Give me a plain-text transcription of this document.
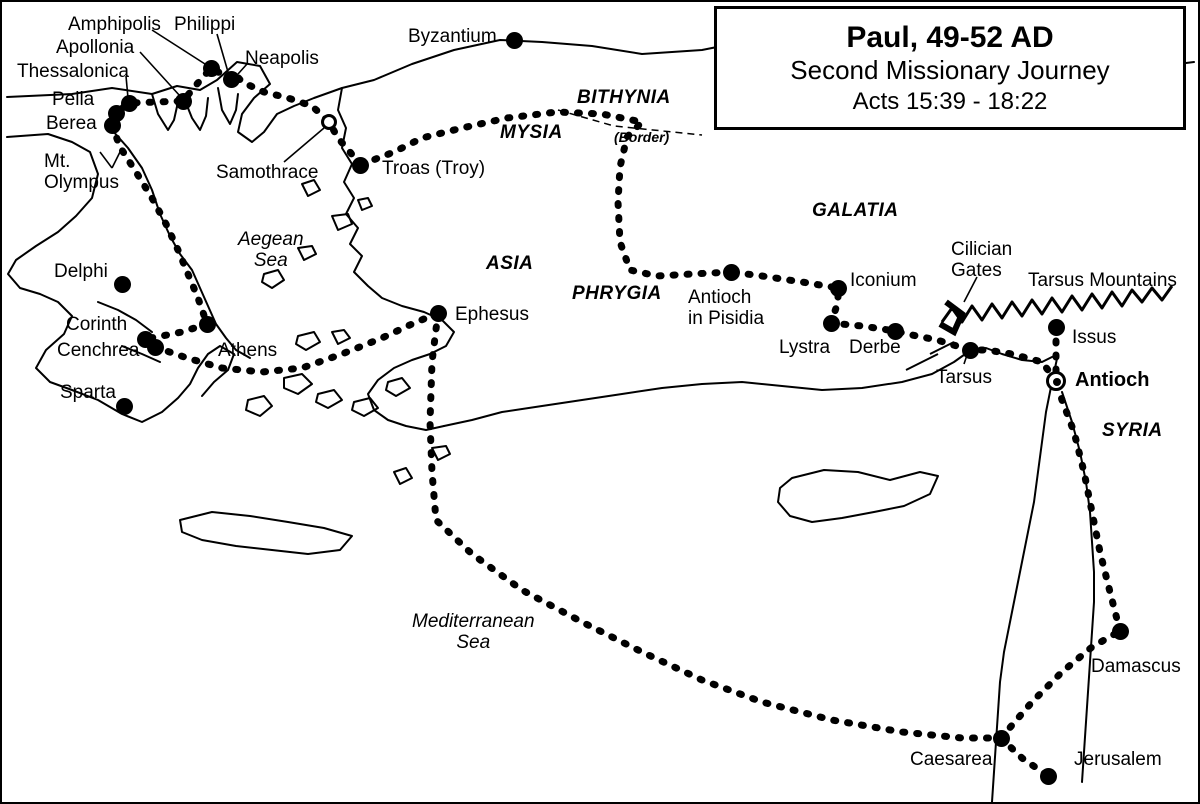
Byzantium
Amphipolis
Apollonia
Philippi
Neapolis
Thessalonica
Pella
Berea
Mt.
Olympus	Samothrace	Troas (Troy)
Delphi
Corinth
Cenchrea	Athens
Sparta
Ephesus
Antioch
in Pisidia
Iconium
Lystra Derbe
Cilician
Gates	Tarsus Mountains
Tarsus
Issus
Antioch
Damascus
Caesarea	Jerusalem
BITHYNIA
MYSIA	(Border)
ASIA
PHRYGIA
GALATIA
SYRIA
Aegean
Sea
Mediterranean
Sea
Paul, 49-52 AD
Second Missionary Journey
Acts 15:39 - 18:22
